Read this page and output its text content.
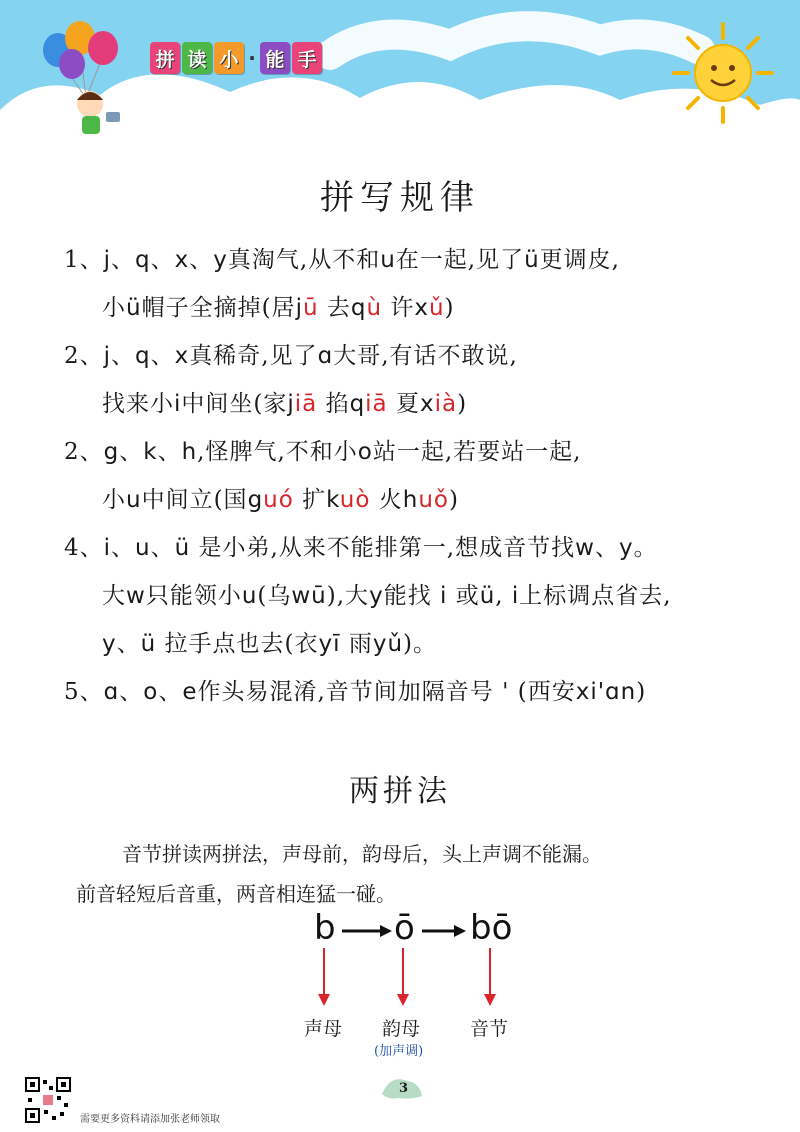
拼 读 小 · 能 手
拼写规律
1、j、q、x、y真淘气,从不和u在一起,见了ü更调皮,
小ü帽子全摘掉(居jū 去qù 许xǔ)
2、j、q、x真稀奇,见了ɑ大哥,有话不敢说,
找来小i中间坐(家jiā 掐qiā 夏xià)
2、g、k、h,怪脾气,不和小o站一起,若要站一起,
小u中间立(国guó 扩kuò 火huǒ)
4、i、u、ü 是小弟,从来不能排第一,想成音节找w、y。
大w只能领小u(乌wū),大y能找 i 或ü, i上标调点省去,
y、ü 拉手点也去(衣yī 雨yǔ)。
5、ɑ、o、e作头易混淆,音节间加隔音号 ' (西安xi'ɑn)
两拼法
音节拼读两拼法，声母前，韵母后，头上声调不能漏。
前音轻短后音重，两音相连猛一碰。
b ō bō
声母 韵母
(加声调)
音节
3
需要更多资料请添加张老师领取
